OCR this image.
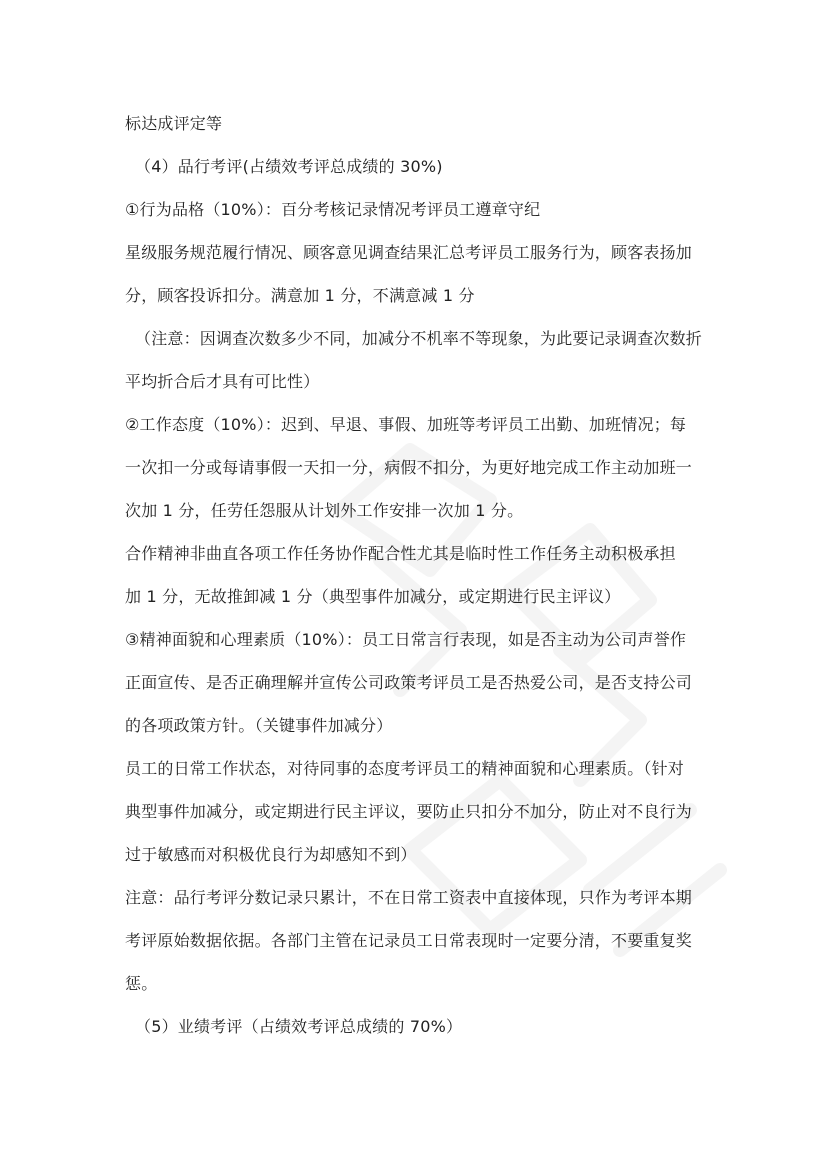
标达成评定等
（4）品行考评(占绩效考评总成绩的 30%)
①行为品格（10%）：百分考核记录情况考评员工遵章守纪
星级服务规范履行情况、顾客意见调查结果汇总考评员工服务行为，顾客表扬加
分，顾客投诉扣分。满意加 1 分，不满意减 1 分
（注意：因调查次数多少不同，加减分不机率不等现象，为此要记录调查次数折
平均折合后才具有可比性）
②工作态度（10%）：迟到、早退、事假、加班等考评员工出勤、加班情况；每
一次扣一分或每请事假一天扣一分，病假不扣分，为更好地完成工作主动加班一
次加 1 分，任劳任怨服从计划外工作安排一次加 1 分。
合作精神非曲直各项工作任务协作配合性尤其是临时性工作任务主动积极承担
加 1 分，无故推卸减 1 分（典型事件加减分，或定期进行民主评议）
③精神面貌和心理素质（10%）：员工日常言行表现，如是否主动为公司声誉作
正面宣传、是否正确理解并宣传公司政策考评员工是否热爱公司，是否支持公司
的各项政策方针。（关键事件加减分）
员工的日常工作状态，对待同事的态度考评员工的精神面貌和心理素质。（针对
典型事件加减分，或定期进行民主评议，要防止只扣分不加分，防止对不良行为
过于敏感而对积极优良行为却感知不到）
注意：品行考评分数记录只累计，不在日常工资表中直接体现，只作为考评本期
考评原始数据依据。各部门主管在记录员工日常表现时一定要分清，不要重复奖
惩。
（5）业绩考评（占绩效考评总成绩的 70%）
